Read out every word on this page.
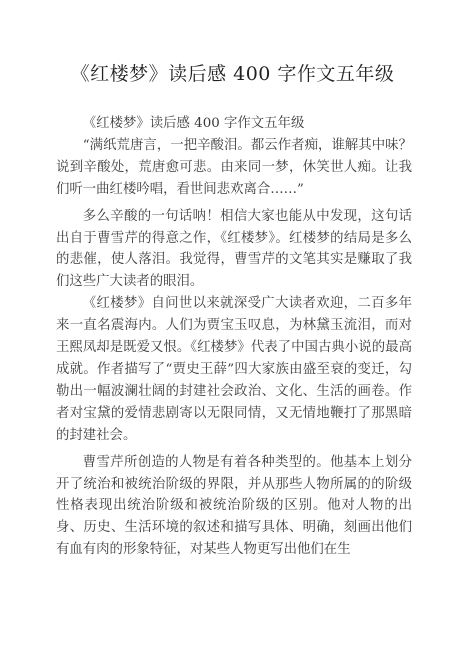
《红楼梦》读后感 400 字作文五年级

《红楼梦》读后感 400 字作文五年级

“满纸荒唐言，一把辛酸泪。都云作者痴，谁解其中味？说到辛酸处，荒唐愈可悲。由来同一梦，休笑世人痴。让我们听一曲红楼吟唱，看世间悲欢离合……”

多么辛酸的一句话呐！相信大家也能从中发现，这句话出自于曹雪芹的得意之作，《红楼梦》。红楼梦的结局是多么的悲催，使人落泪。我觉得，曹雪芹的文笔其实是赚取了我们这些广大读者的眼泪。

《红楼梦》自问世以来就深受广大读者欢迎，二百多年来一直名震海内。人们为贾宝玉叹息，为林黛玉流泪，而对王熙凤却是既爱又恨。《红楼梦》代表了中国古典小说的最高成就。作者描写了“贾史王薛”四大家族由盛至衰的变迁，勾勒出一幅波澜壮阔的封建社会政治、文化、生活的画卷。作者对宝黛的爱情悲剧寄以无限同情，又无情地鞭打了那黑暗的封建社会。

曹雪芹所创造的人物是有着各种类型的。他基本上划分开了统治和被统治阶级的界限，并从那些人物所属的的阶级性格表现出统治阶级和被统治阶级的区别。他对人物的出身、历史、生活环境的叙述和描写具体、明确，刻画出他们有血有肉的形象特征，对某些人物更写出他们在生
